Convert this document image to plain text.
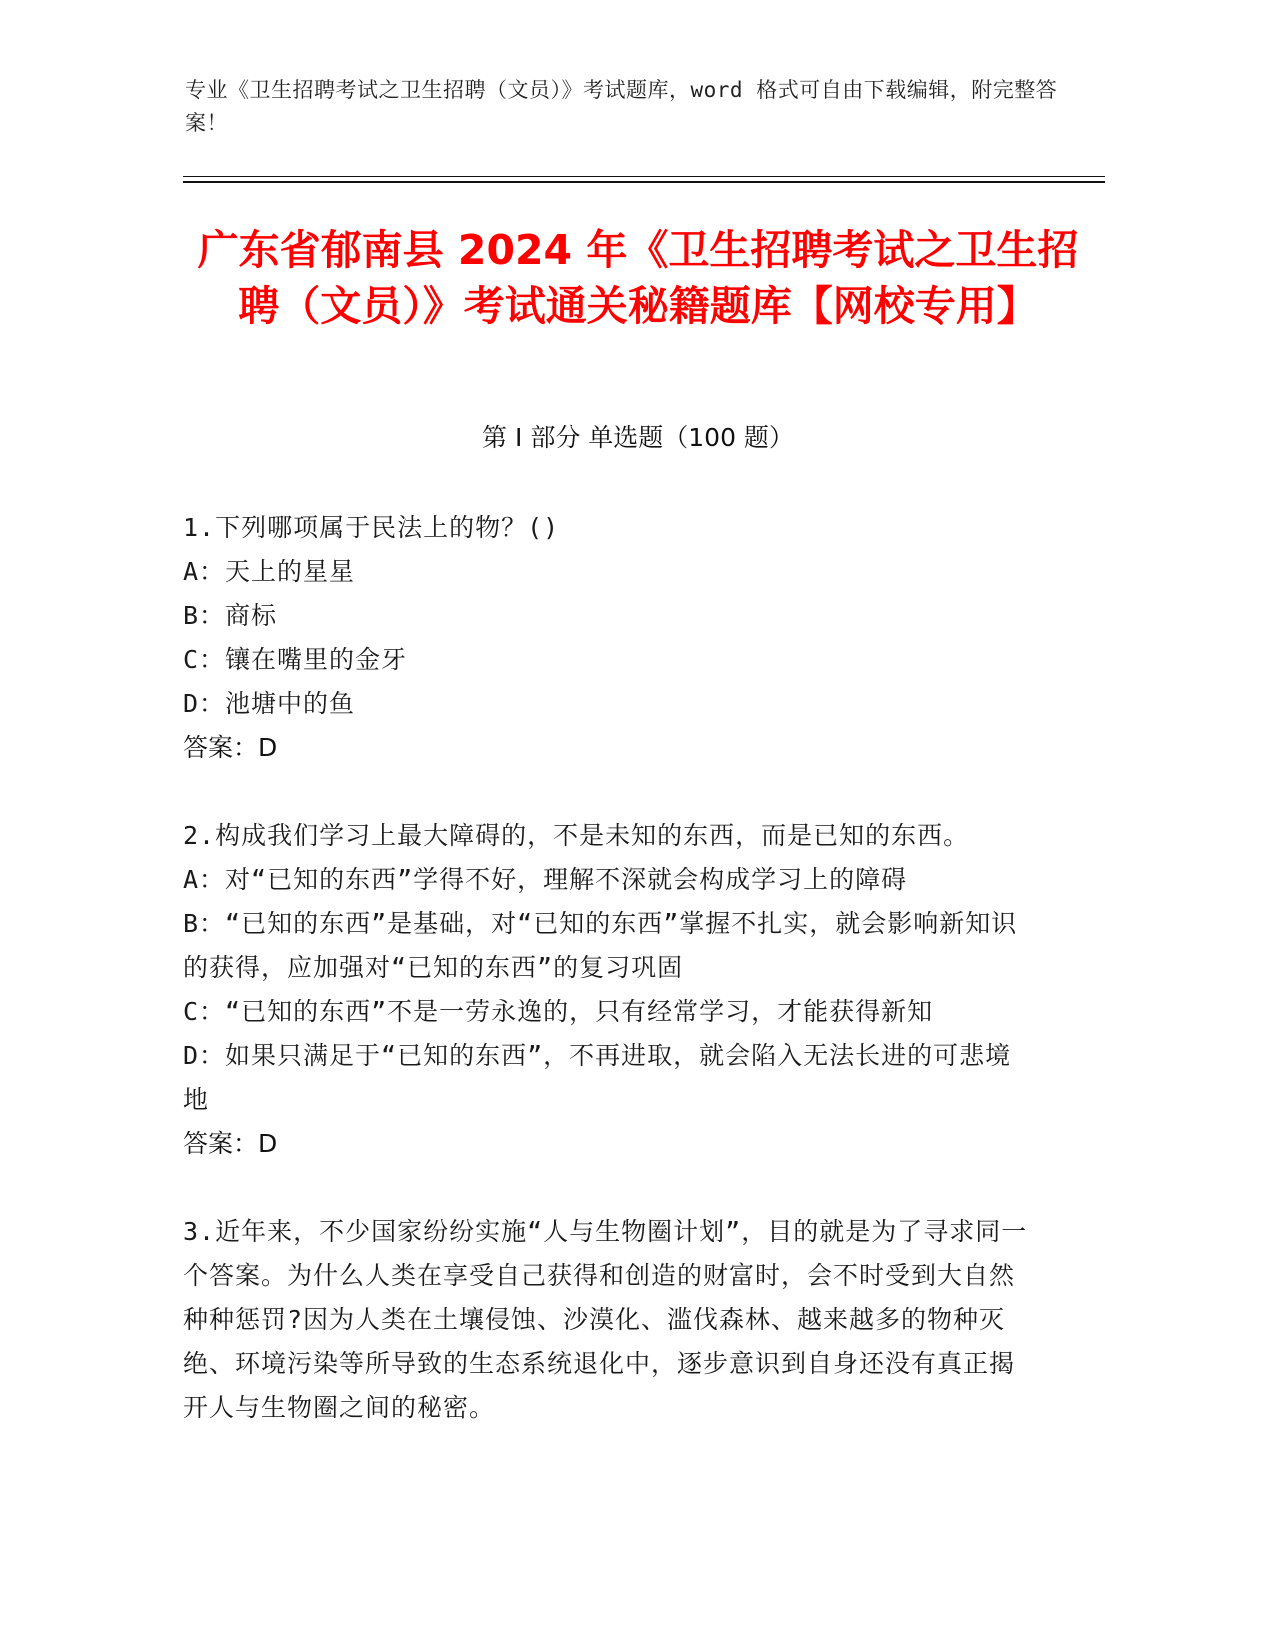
专业《卫生招聘考试之卫生招聘（文员）》考试题库，word 格式可自由下载编辑，附完整答案！
广东省郁南县 2024 年《卫生招聘考试之卫生招聘（文员）》考试通关秘籍题库【网校专用】
第 I 部分 单选题（100 题）
1.下列哪项属于民法上的物？()
A：天上的星星
B：商标
C：镶在嘴里的金牙
D：池塘中的鱼
答案：D
2.构成我们学习上最大障碍的，不是未知的东西，而是已知的东西。
A：对“已知的东西”学得不好，理解不深就会构成学习上的障碍
B：“已知的东西”是基础，对“已知的东西”掌握不扎实，就会影响新知识的获得，应加强对“已知的东西”的复习巩固
C：“已知的东西”不是一劳永逸的，只有经常学习，才能获得新知
D：如果只满足于“已知的东西”，不再进取，就会陷入无法长进的可悲境地
答案：D
3.近年来，不少国家纷纷实施“人与生物圈计划”，目的就是为了寻求同一个答案。为什么人类在享受自己获得和创造的财富时，会不时受到大自然种种惩罚?因为人类在土壤侵蚀、沙漠化、滥伐森林、越来越多的物种灭绝、环境污染等所导致的生态系统退化中，逐步意识到自身还没有真正揭开人与生物圈之间的秘密。
